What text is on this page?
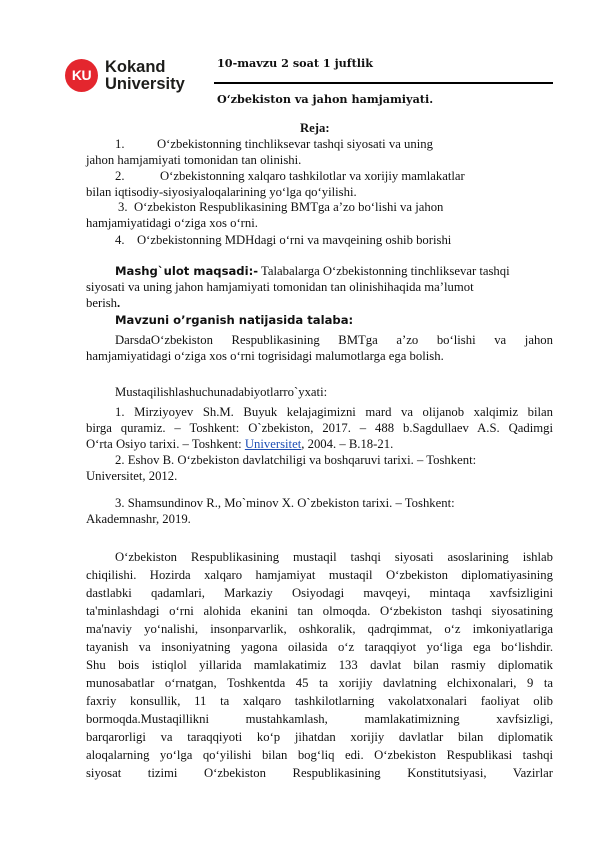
KU Kokand
University
10-mavzu 2 soat 1 juftlik
O‘zbekiston va jahon hamjamiyati.
Reja:
1.	O‘zbekistonning tinchliksevar tashqi siyosati va uning
jahon hamjamiyati tomonidan tan olinishi.
2.	O‘zbekistonning xalqaro tashkilotlar va xorijiy mamlakatlar
bilan iqtisodiy-siyosiyaloqalarining yo‘lga qo‘yilishi.
3. O‘zbekiston Respublikasining BMTga a’zo bo‘lishi va jahon
hamjamiyatidagi o‘ziga xos o‘rni.
4. O‘zbekistonning MDHdagi o‘rni va mavqeining oshib borishi
Mashg`ulot maqsadi:- Talabalarga O‘zbekistonning tinchliksevar tashqi
siyosati va uning jahon hamjamiyati tomonidan tan olinishihaqida ma’lumot
berish.
Mavzuni o’rganish natijasida talaba:
DarsdaO‘zbekiston Respublikasining BMTga a’zo bo‘lishi va jahon
hamjamiyatidagi o‘ziga xos o‘rni togrisidagi malumotlarga ega bolish.
Mustaqilishlashuchunadabiyotlarro`yxati:
1. Mirziyoyev Sh.M. Buyuk kelajagimizni mard va olijanob xalqimiz bilan
birga quramiz. – Toshkent: O`zbekiston, 2017. – 488 b.Sagdullaev A.S. Qadimgi
O‘rta Osiyo tarixi. – Toshkent: Universitet, 2004. – B.18-21.
2. Eshov B. O‘zbekiston davlatchiligi va boshqaruvi tarixi. – Toshkent:
Universitet, 2012.
3. Shamsundinov R., Mo`minov X. O`zbekiston tarixi. – Toshkent:
Akademnashr, 2019.
O‘zbekiston Respublikasining mustaqil tashqi siyosati asoslarining ishlab
chiqilishi. Hozirda xalqaro hamjamiyat mustaqil O‘zbekiston diplomatiyasining
dastlabki qadamlari, Markaziy Osiyodagi mavqeyi, mintaqa xavfsizligini
ta'minlashdagi o‘rni alohida ekanini tan olmoqda. O‘zbekiston tashqi siyosatining
ma'naviy yo‘nalishi, insonparvarlik, oshkoralik, qadrqimmat, o‘z imkoniyatlariga
tayanish va insoniyatning yagona oilasida o‘z taraqqiyot yo‘liga ega bo‘lishdir.
Shu bois istiqlol yillarida mamlakatimiz 133 davlat bilan rasmiy diplomatik
munosabatlar o‘rnatgan, Toshkentda 45 ta xorijiy davlatning elchixonalari, 9 ta
faxriy konsullik, 11 ta xalqaro tashkilotlarning vakolatxonalari faoliyat olib
bormoqda.Mustaqillikni mustahkamlash, mamlakatimizning xavfsizligi,
barqarorligi va taraqqiyoti ko‘p jihatdan xorijiy davlatlar bilan diplomatik
aloqalarning yo‘lga qo‘yilishi bilan bog‘liq edi. O‘zbekiston Respublikasi tashqi
siyosat tizimi O‘zbekiston Respublikasining Konstitutsiyasi, Vazirlar
